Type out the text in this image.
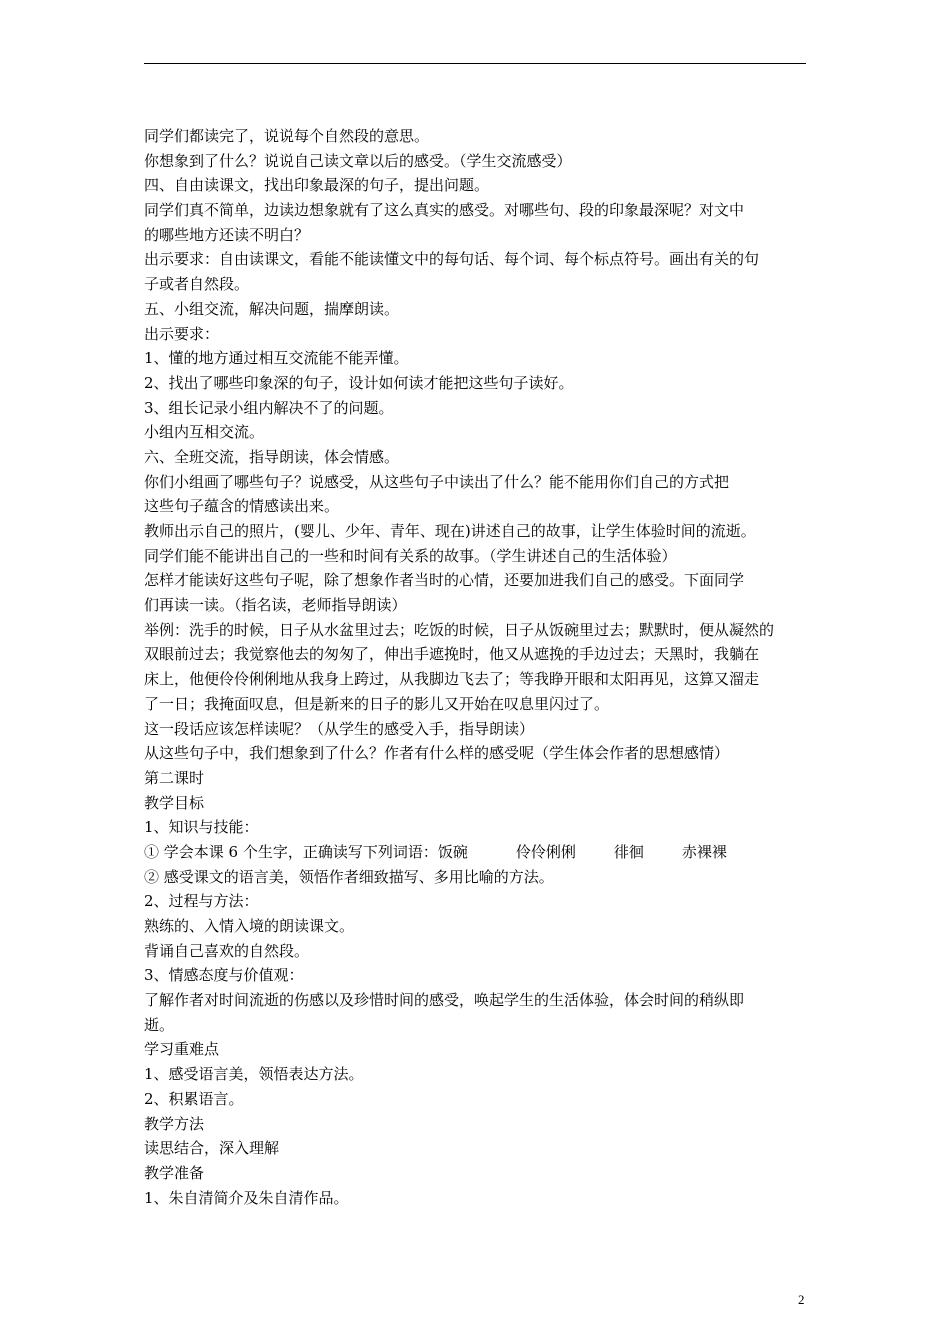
同学们都读完了，说说每个自然段的意思。

你想象到了什么？说说自己读文章以后的感受。（学生交流感受）

四、自由读课文，找出印象最深的句子，提出问题。

同学们真不简单，边读边想象就有了这么真实的感受。对哪些句、段的印象最深呢？对文中

的哪些地方还读不明白？

出示要求：自由读课文，看能不能读懂文中的每句话、每个词、每个标点符号。画出有关的句

子或者自然段。

五、小组交流，解决问题，揣摩朗读。

出示要求：

1、懂的地方通过相互交流能不能弄懂。

2、找出了哪些印象深的句子，设计如何读才能把这些句子读好。

3、组长记录小组内解决不了的问题。

小组内互相交流。

六、全班交流，指导朗读，体会情感。

你们小组画了哪些句子？说感受，从这些句子中读出了什么？能不能用你们自己的方式把

这些句子蕴含的情感读出来。

教师出示自己的照片，(婴儿、少年、青年、现在)讲述自己的故事，让学生体验时间的流逝。

同学们能不能讲出自己的一些和时间有关系的故事。（学生讲述自己的生活体验）

怎样才能读好这些句子呢，除了想象作者当时的心情，还要加进我们自己的感受。下面同学

们再读一读。（指名读，老师指导朗读）

举例：洗手的时候，日子从水盆里过去；吃饭的时候，日子从饭碗里过去；默默时，便从凝然的

双眼前过去；我觉察他去的匆匆了，伸出手遮挽时，他又从遮挽的手边过去；天黑时，我躺在

床上，他便伶伶俐俐地从我身上跨过，从我脚边飞去了；等我睁开眼和太阳再见，这算又溜走

了一日；我掩面叹息，但是新来的日子的影儿又开始在叹息里闪过了。

这一段话应该怎样读呢？（从学生的感受入手，指导朗读）

从这些句子中，我们想象到了什么？作者有什么样的感受呢（学生体会作者的思想感情）

第二课时

教学目标

1、知识与技能：

① 学会本课 6 个生字，正确读写下列词语：饭碗	伶伶俐俐	徘徊	赤裸裸

② 感受课文的语言美，领悟作者细致描写、多用比喻的方法。

2、过程与方法：

熟练的、入情入境的朗读课文。

背诵自己喜欢的自然段。

3、情感态度与价值观：

了解作者对时间流逝的伤感以及珍惜时间的感受，唤起学生的生活体验，体会时间的稍纵即

逝。

学习重难点

1、感受语言美，领悟表达方法。

2、积累语言。

教学方法

读思结合，深入理解

教学准备

1、朱自清简介及朱自清作品。

2
